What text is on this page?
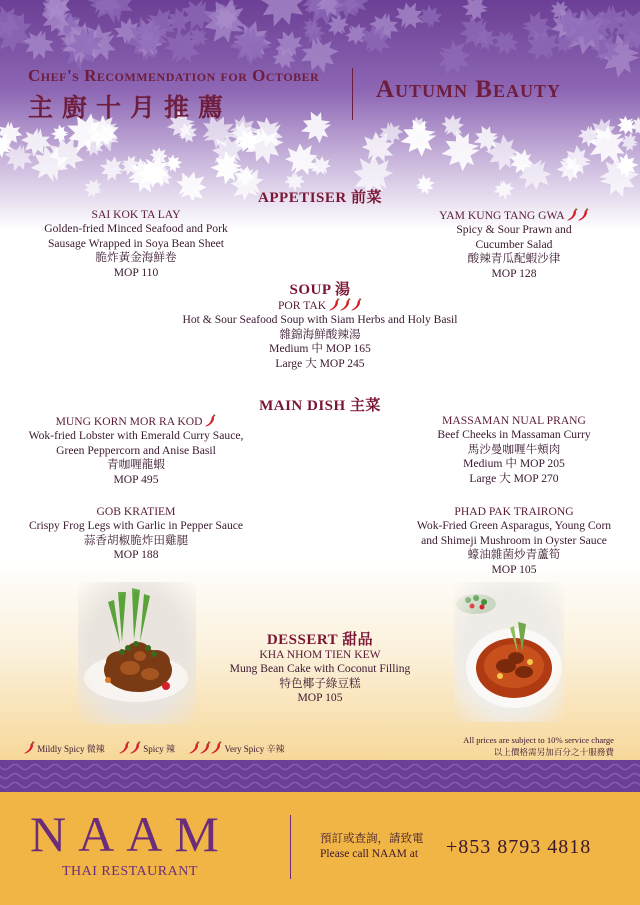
Chef's Recommendation for October
主廚十月推薦
Autumn Beauty
APPETISER 前菜
SAI KOK TA LAY
Golden-fried Minced Seafood and Pork
Sausage Wrapped in Soya Bean Sheet
脆炸黃金海鮮卷
MOP 110
YAM KUNG TANG GWA
Spicy & Sour Prawn and
Cucumber Salad
酸辣青瓜配蝦沙律
MOP 128
SOUP 湯
POR TAK
Hot & Sour Seafood Soup with Siam Herbs and Holy Basil
雜錦海鮮酸辣湯
Medium 中 MOP 165
Large 大 MOP 245
MAIN DISH 主菜
MUNG KORN MOR RA KOD
Wok-fried Lobster with Emerald Curry Sauce,
Green Peppercorn and Anise Basil
青咖喱龍蝦
MOP 495
MASSAMAN NUAL PRANG
Beef Cheeks in Massaman Curry
馬沙曼咖喱牛頰肉
Medium 中 MOP 205
Large 大 MOP 270
GOB KRATIEM
Crispy Frog Legs with Garlic in Pepper Sauce
蒜香胡椒脆炸田雞腿
MOP 188
PHAD PAK TRAIRONG
Wok-Fried Green Asparagus, Young Corn
and Shimeji Mushroom in Oyster Sauce
蠔油雜菌炒青蘆筍
MOP 105
DESSERT 甜品
KHA NHOM TIEN KEW
Mung Bean Cake with Coconut Filling
特色椰子綠豆糕
MOP 105
Mildly Spicy 微辣	Spicy 辣	Very Spicy 辛辣
All prices are subject to 10% service charge
以上價格需另加百分之十服務費
NAAM
THAI RESTAURANT
預訂或查詢，請致電
Please call NAAM at +853 8793 4818
